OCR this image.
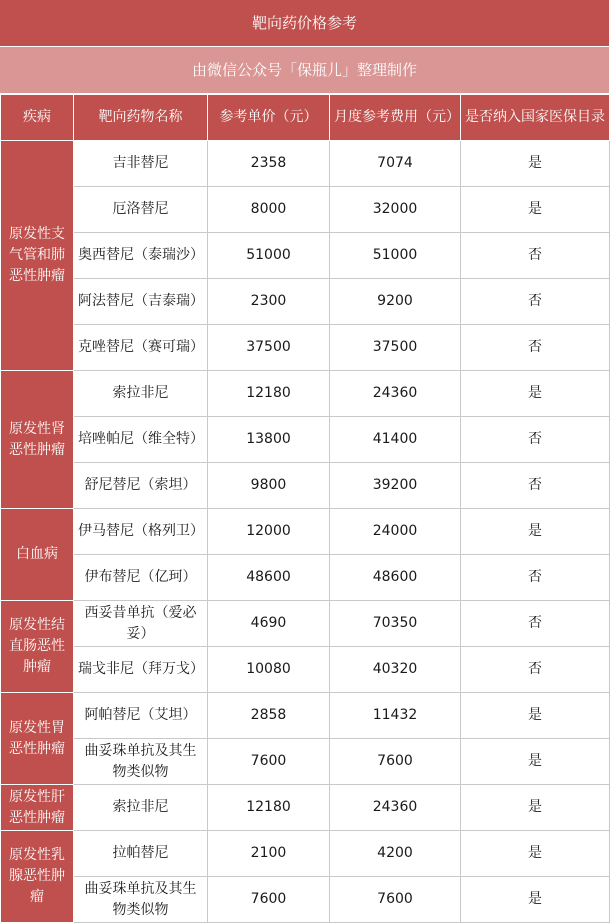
靶向药价格参考
由微信公众号「保瓶儿」整理制作
疾病	靶向药物名称	参考单价（元）	月度参考费用（元）	是否纳入国家医保目录
原发性支气管和肺恶性肿瘤	吉非替尼	2358	7074	是
	厄洛替尼	8000	32000	是
	奥西替尼（泰瑞沙）	51000	51000	否
	阿法替尼（吉泰瑞）	2300	9200	否
	克唑替尼（赛可瑞）	37500	37500	否
原发性肾恶性肿瘤	索拉非尼	12180	24360	是
	培唑帕尼（维全特）	13800	41400	否
	舒尼替尼（索坦）	9800	39200	否
白血病	伊马替尼（格列卫）	12000	24000	是
	伊布替尼（亿珂）	48600	48600	否
原发性结直肠恶性肿瘤	西妥昔单抗（爱必妥）	4690	70350	否
	瑞戈非尼（拜万戈）	10080	40320	否
原发性胃恶性肿瘤	阿帕替尼（艾坦）	2858	11432	是
	曲妥珠单抗及其生物类似物	7600	7600	是
原发性肝恶性肿瘤	索拉非尼	12180	24360	是
原发性乳腺恶性肿瘤	拉帕替尼	2100	4200	是
	曲妥珠单抗及其生物类似物	7600	7600	是
